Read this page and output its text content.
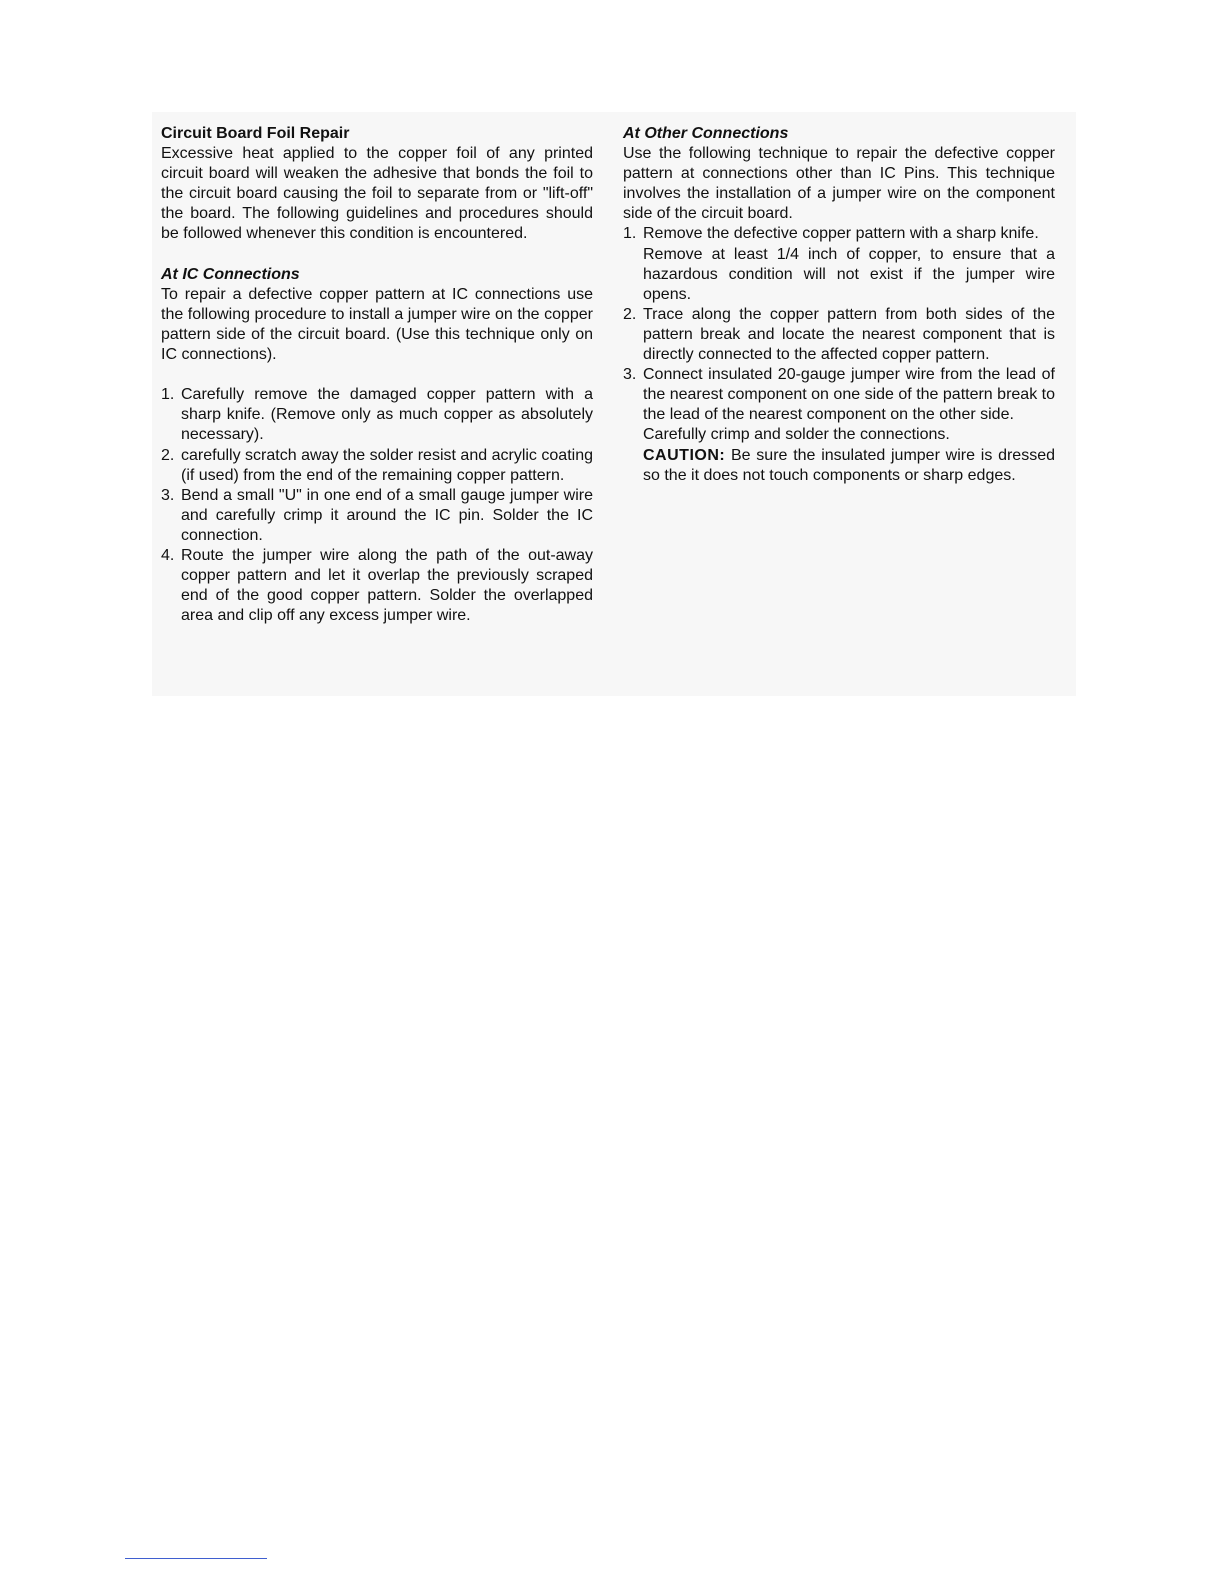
Circuit Board Foil Repair

Excessive heat applied to the copper foil of any printed circuit board will weaken the adhesive that bonds the foil to the circuit board causing the foil to separate from or "lift-off" the board. The following guidelines and procedures should be followed whenever this condition is encountered.

At IC Connections

To repair a defective copper pattern at IC connections use the following procedure to install a jumper wire on the copper pattern side of the circuit board. (Use this technique only on IC connections).

1. Carefully remove the damaged copper pattern with a sharp knife. (Remove only as much copper as absolutely necessary).
2. carefully scratch away the solder resist and acrylic coating (if used) from the end of the remaining copper pattern.
3. Bend a small "U" in one end of a small gauge jumper wire and carefully crimp it around the IC pin. Solder the IC connection.
4. Route the jumper wire along the path of the out-away copper pattern and let it overlap the previously scraped end of the good copper pattern. Solder the overlapped area and clip off any excess jumper wire.
At Other Connections

Use the following technique to repair the defective copper pattern at connections other than IC Pins. This technique involves the installation of a jumper wire on the component side of the circuit board.

1. Remove the defective copper pattern with a sharp knife.
Remove at least 1/4 inch of copper, to ensure that a hazardous condition will not exist if the jumper wire opens.
2. Trace along the copper pattern from both sides of the pattern break and locate the nearest component that is directly connected to the affected copper pattern.
3. Connect insulated 20-gauge jumper wire from the lead of the nearest component on one side of the pattern break to the lead of the nearest component on the other side.
Carefully crimp and solder the connections.
CAUTION: Be sure the insulated jumper wire is dressed so the it does not touch components or sharp edges.
